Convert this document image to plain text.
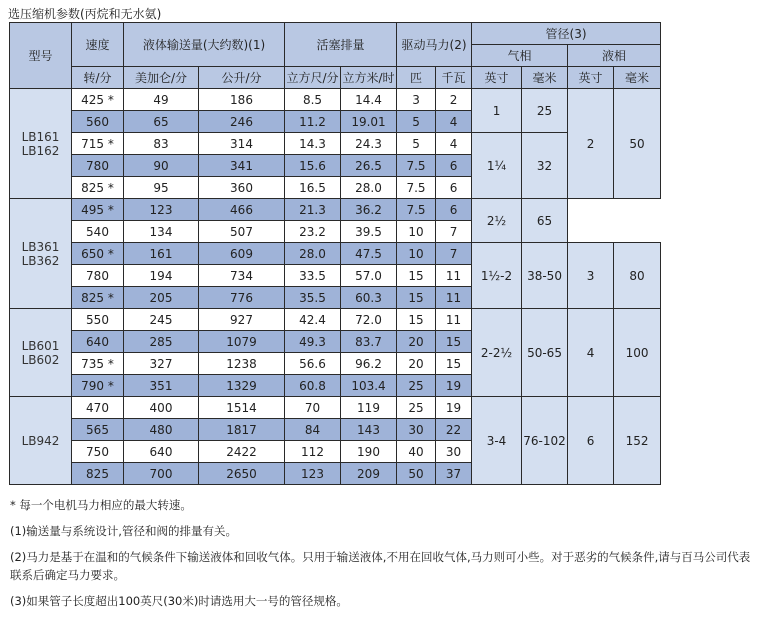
选压缩机参数(丙烷和无水氨)
型号	速度	液体输送量(大约数)(1)		活塞排量		驱动马力(2)		管径(3)			
								气相		液相	
	转/分	美加仑/分	公升/分	立方尺/分	立方米/时	匹	千瓦	英寸	毫米	英寸	毫米

LB161
LB162	425 *	49	186	8.5	14.4	3	2	1	25	2	50
	560	65	246	11.2	19.01	5	4				
	715 *	83	314	14.3	24.3	5	4	1¼	32		
	780	90	341	15.6	26.5	7.5	6				
	825 *	95	360	16.5	28.0	7.5	6				

LB361
LB362	495 *	123	466	21.3	36.2	7.5	6	2½	65		
	540	134	507	23.2	39.5	10	7				
	650 *	161	609	28.0	47.5	10	7	1½-2	38-50	3	80
	780	194	734	33.5	57.0	15	11				
	825 *	205	776	35.5	60.3	15	11				

LB601
LB602	550	245	927	42.4	72.0	15	11	2-2½	50-65	4	100
	640	285	1079	49.3	83.7	20	15				
	735 *	327	1238	56.6	96.2	20	15				
	790 *	351	1329	60.8	103.4	25	19				

LB942	470	400	1514	70	119	25	19	3-4	76-102	6	152
	565	480	1817	84	143	30	22				
	750	640	2422	112	190	40	30				
	825	700	2650	123	209	50	37				

* 每一个电机马力相应的最大转速。

(1)输送量与系统设计,管径和阀的排量有关。

(2)马力是基于在温和的气候条件下输送液体和回收气体。只用于输送液体,不用在回收气体,马力则可小些。对于恶劣的气候条件,请与百马公司代表联系后确定马力要求。

(3)如果管子长度超出100英尺(30米)时请选用大一号的管径规格。
